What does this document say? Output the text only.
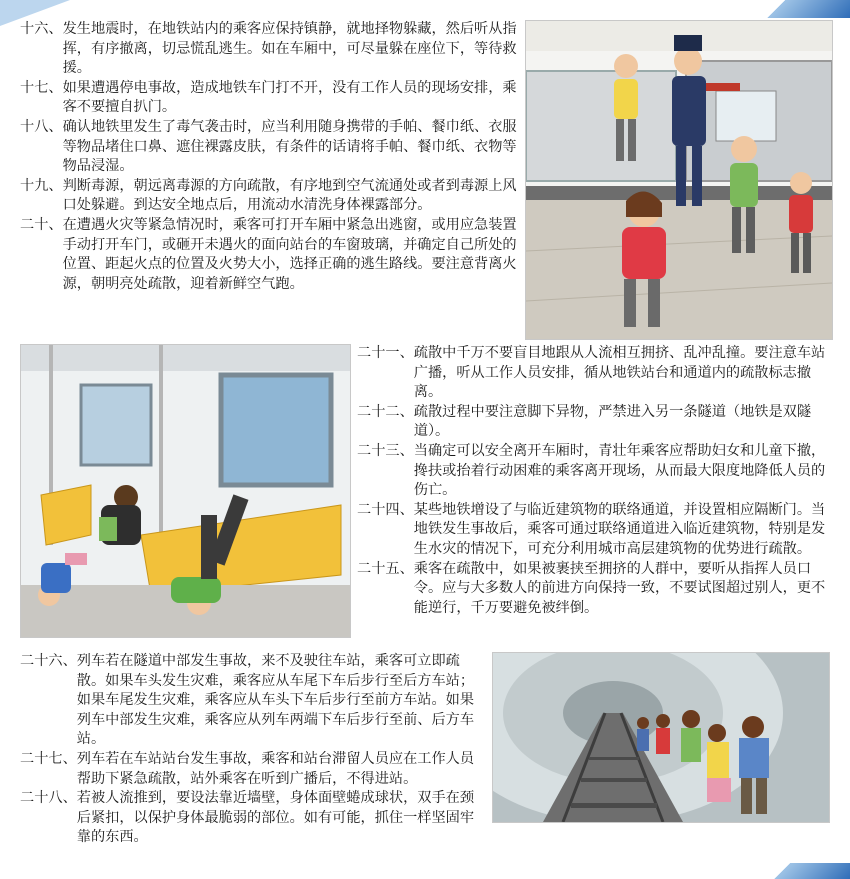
十六、 发生地震时，在地铁站内的乘客应保持镇静，就地择物躲藏，然后听从指挥，有序撤离，切忌慌乱逃生。如在车厢中，可尽量躲在座位下，等待救援。
十七、 如果遭遇停电事故，造成地铁车门打不开，没有工作人员的现场安排，乘客不要擅自扒门。
十八、 确认地铁里发生了毒气袭击时，应当利用随身携带的手帕、餐巾纸、衣服等物品堵住口鼻、遮住裸露皮肤，有条件的话请将手帕、餐巾纸、衣物等物品浸湿。
十九、 判断毒源，朝远离毒源的方向疏散，有序地到空气流通处或者到毒源上风口处躲避。到达安全地点后，用流动水清洗身体裸露部分。
二十、 在遭遇火灾等紧急情况时，乘客可打开车厢中紧急出逃窗，或用应急装置手动打开车门，或砸开未遇火的面向站台的车窗玻璃，并确定自己所处的位置、距起火点的位置及火势大小，选择正确的逃生路线。要注意背离火源，朝明亮处疏散，迎着新鲜空气跑。
二十一、 疏散中千万不要盲目地跟从人流相互拥挤、乱冲乱撞。要注意车站广播，听从工作人员安排，循从地铁站台和通道内的疏散标志撤离。
二十二、 疏散过程中要注意脚下异物，严禁进入另一条隧道（地铁是双隧道）。
二十三、 当确定可以安全离开车厢时，青壮年乘客应帮助妇女和儿童下撤，搀扶或抬着行动困难的乘客离开现场，从而最大限度地降低人员的伤亡。
二十四、 某些地铁增设了与临近建筑物的联络通道，并设置相应隔断门。当地铁发生事故后，乘客可通过联络通道进入临近建筑物，特别是发生水灾的情况下，可充分利用城市高层建筑物的优势进行疏散。
二十五、 乘客在疏散中，如果被裹挟至拥挤的人群中，要听从指挥人员口令。应与大多数人的前进方向保持一致，不要试图超过别人，更不能逆行，千万要避免被绊倒。
二十六、 列车若在隧道中部发生事故，来不及驶往车站，乘客可立即疏散。如果车头发生灾难，乘客应从车尾下车后步行至后方车站；如果车尾发生灾难，乘客应从车头下车后步行至前方车站。如果列车中部发生灾难，乘客应从列车两端下车后步行至前、后方车站。
二十七、 列车若在车站站台发生事故，乘客和站台滞留人员应在工作人员帮助下紧急疏散，站外乘客在听到广播后，不得进站。
二十八、 若被人流推到，要设法靠近墙壁，身体面壁蜷成球状，双手在颈后紧扣，以保护身体最脆弱的部位。如有可能，抓住一样坚固牢靠的东西。
